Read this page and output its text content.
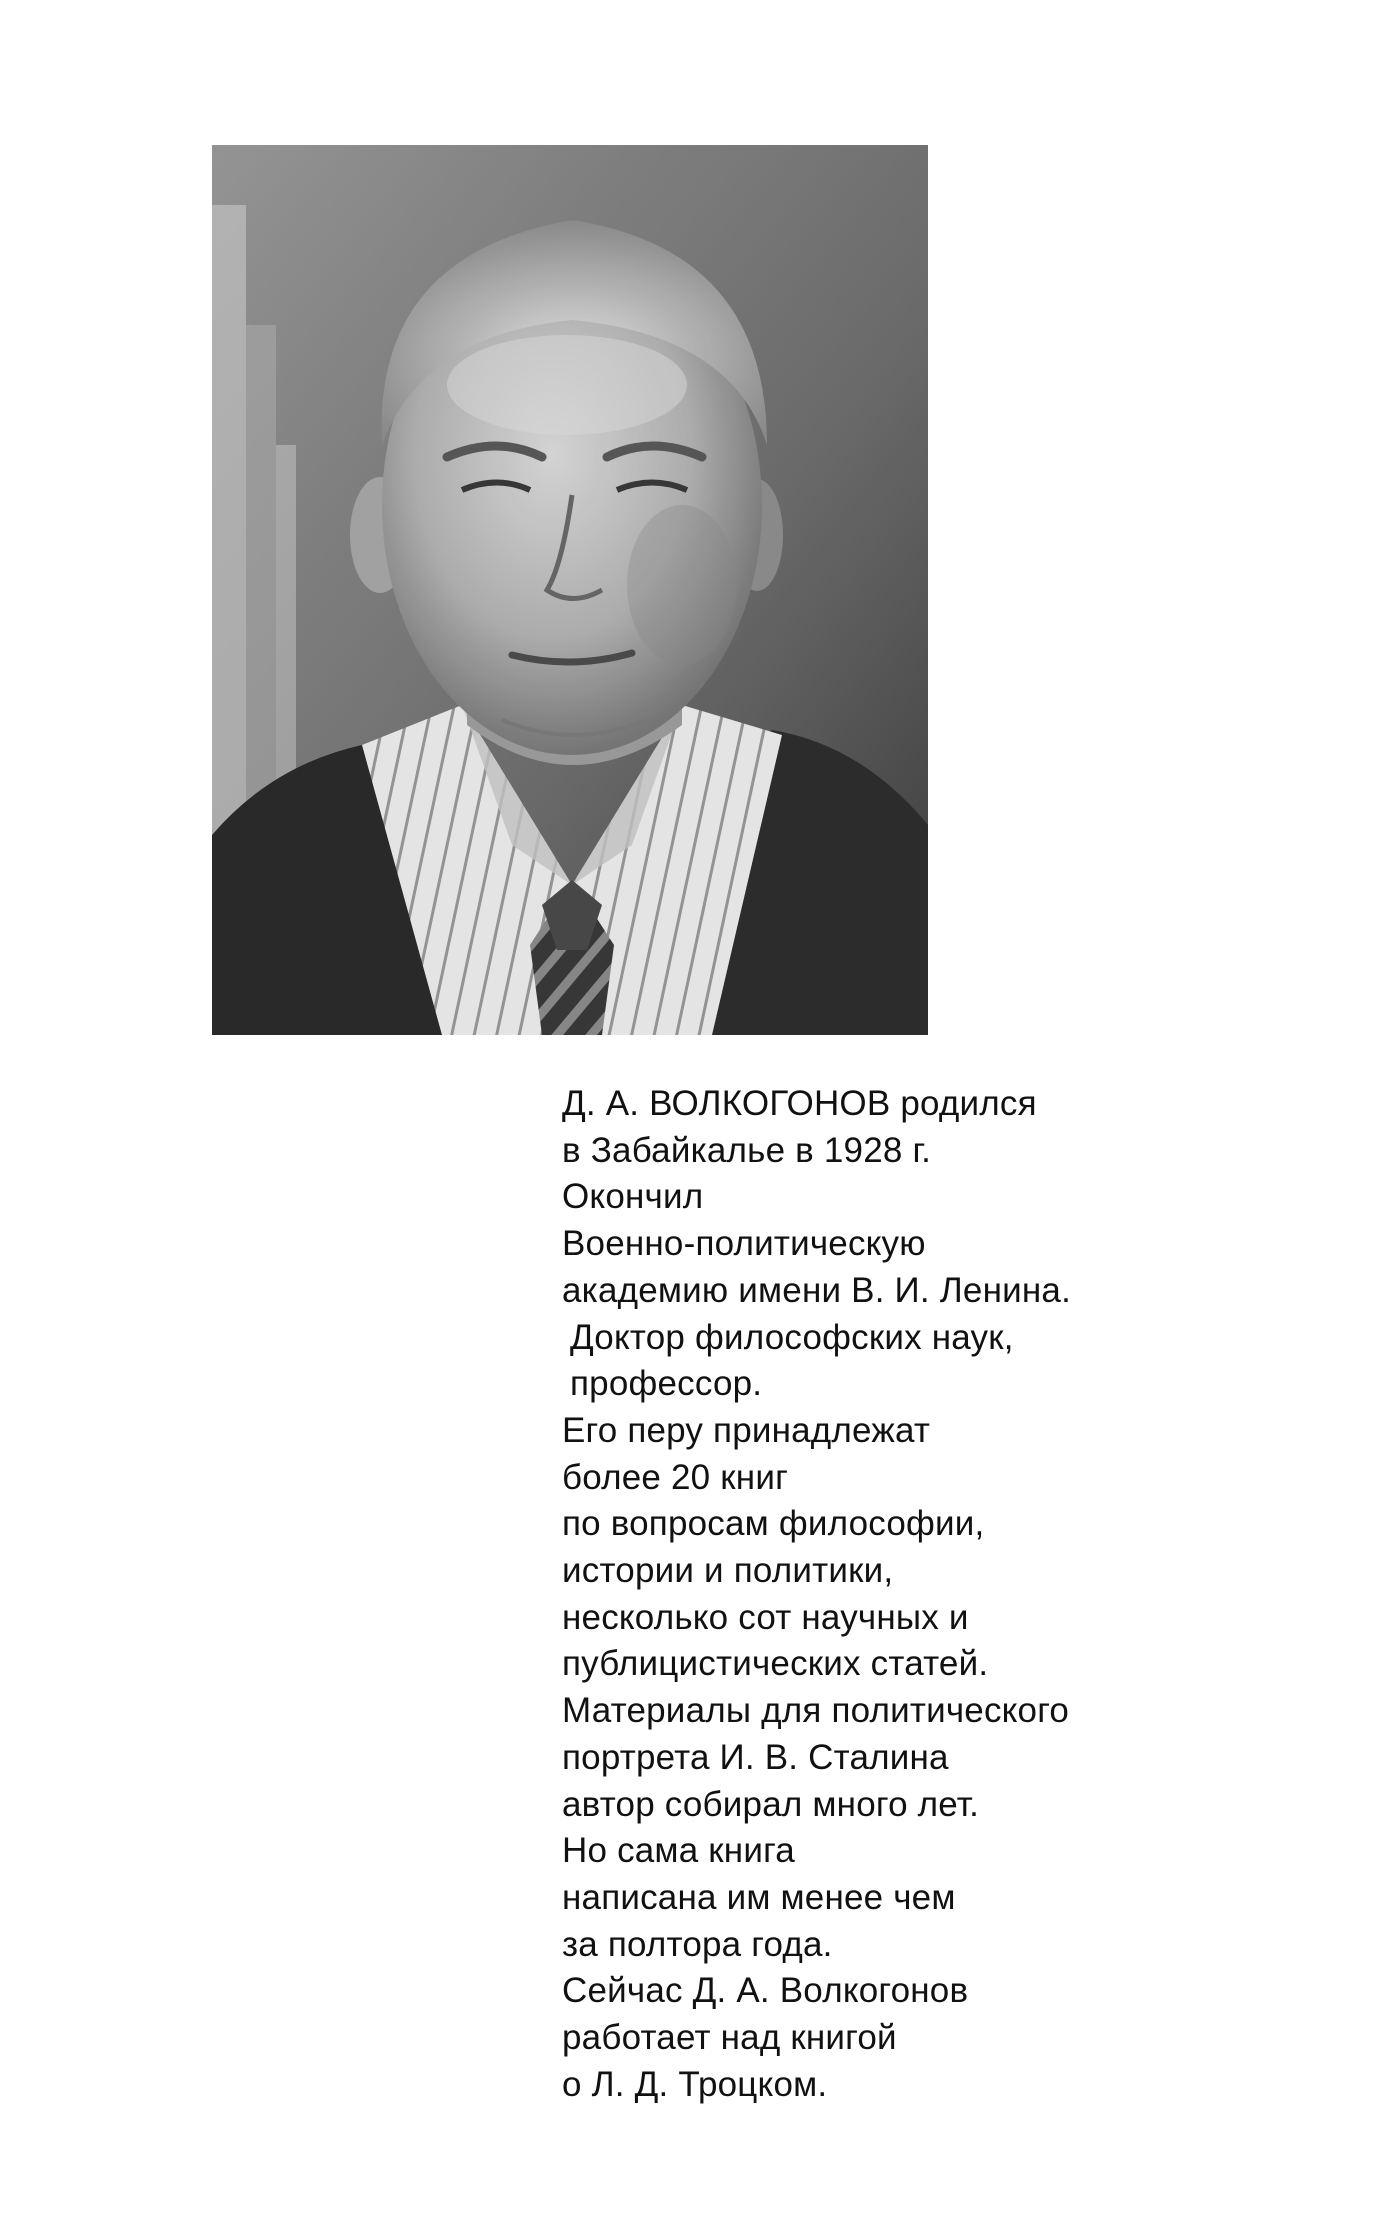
Д. А. ВОЛКОГОНОВ родился
в Забайкалье в 1928 г.
Окончил
Военно-политическую
академию имени В. И. Ленина.
Доктор философских наук,
профессор.
Его перу принадлежат
более 20 книг
по вопросам философии,
истории и политики,
несколько сот научных и
публицистических статей.
Материалы для политического
портрета И. В. Сталина
автор собирал много лет.
Но сама книга
написана им менее чем
за полтора года.
Сейчас Д. А. Волкогонов
работает над книгой
о Л. Д. Троцком.
